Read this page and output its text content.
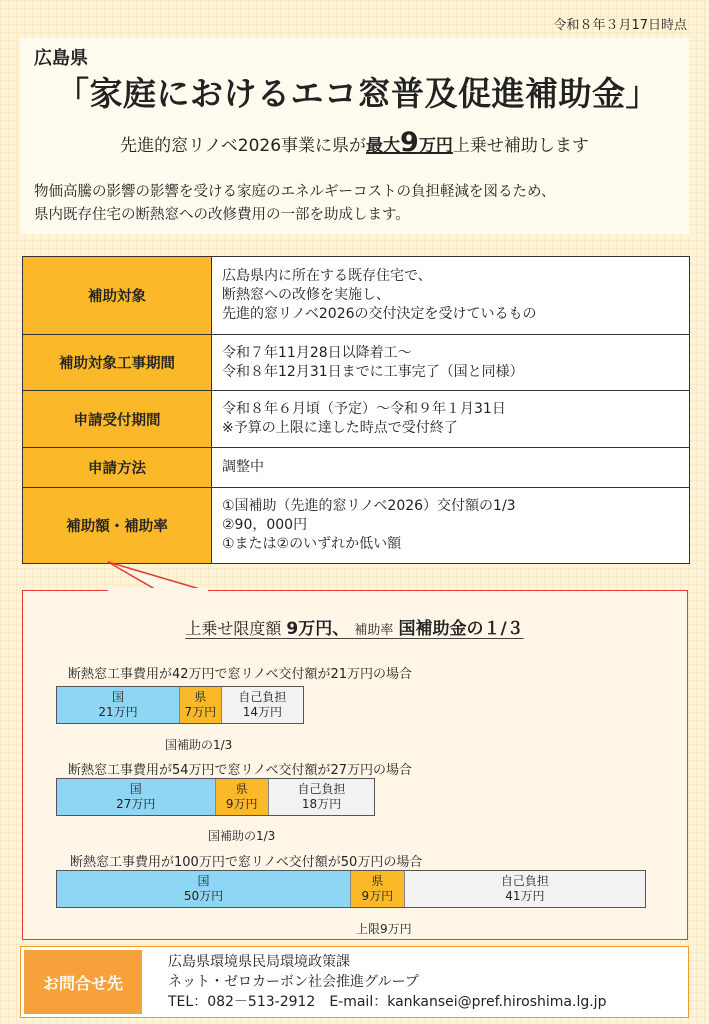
令和８年３月17日時点
広島県
「家庭におけるエコ窓普及促進補助金」
先進的窓リノベ2026事業に県が最大9万円上乗せ補助します
物価高騰の影響の影響を受ける家庭のエネルギーコストの負担軽減を図るため、
県内既存住宅の断熱窓への改修費用の一部を助成します。
補助対象	広島県内に所在する既存住宅で、
断熱窓への改修を実施し、
先進的窓リノベ2026の交付決定を受けているもの

補助対象工事期間	令和７年11月28日以降着工～
令和８年12月31日までに工事完了（国と同様）

申請受付期間	令和８年６月頃（予定）～令和９年１月31日
※予算の上限に達した時点で受付終了

申請方法	調整中

補助額・補助率	①国補助（先進的窓リノベ2026）交付額の1/3
②90，000円
①または②のいずれか低い額
上乗せ限度額 9万円、 補助率 国補助金の１/３
断熱窓工事費用が42万円で窓リノベ交付額が21万円の場合
国
21万円
県
7万円
自己負担
14万円
国補助の1/3
断熱窓工事費用が54万円で窓リノベ交付額が27万円の場合
国
27万円
県
9万円
自己負担
18万円
国補助の1/3
断熱窓工事費用が100万円で窓リノベ交付額が50万円の場合
国
50万円
県
9万円
自己負担
41万円
上限9万円
お問合せ先
広島県環境県民局環境政策課
ネット・ゼロカーボン社会推進グループ
TEL：082－513-2912　E-mail：kankansei@pref.hiroshima.lg.jp
